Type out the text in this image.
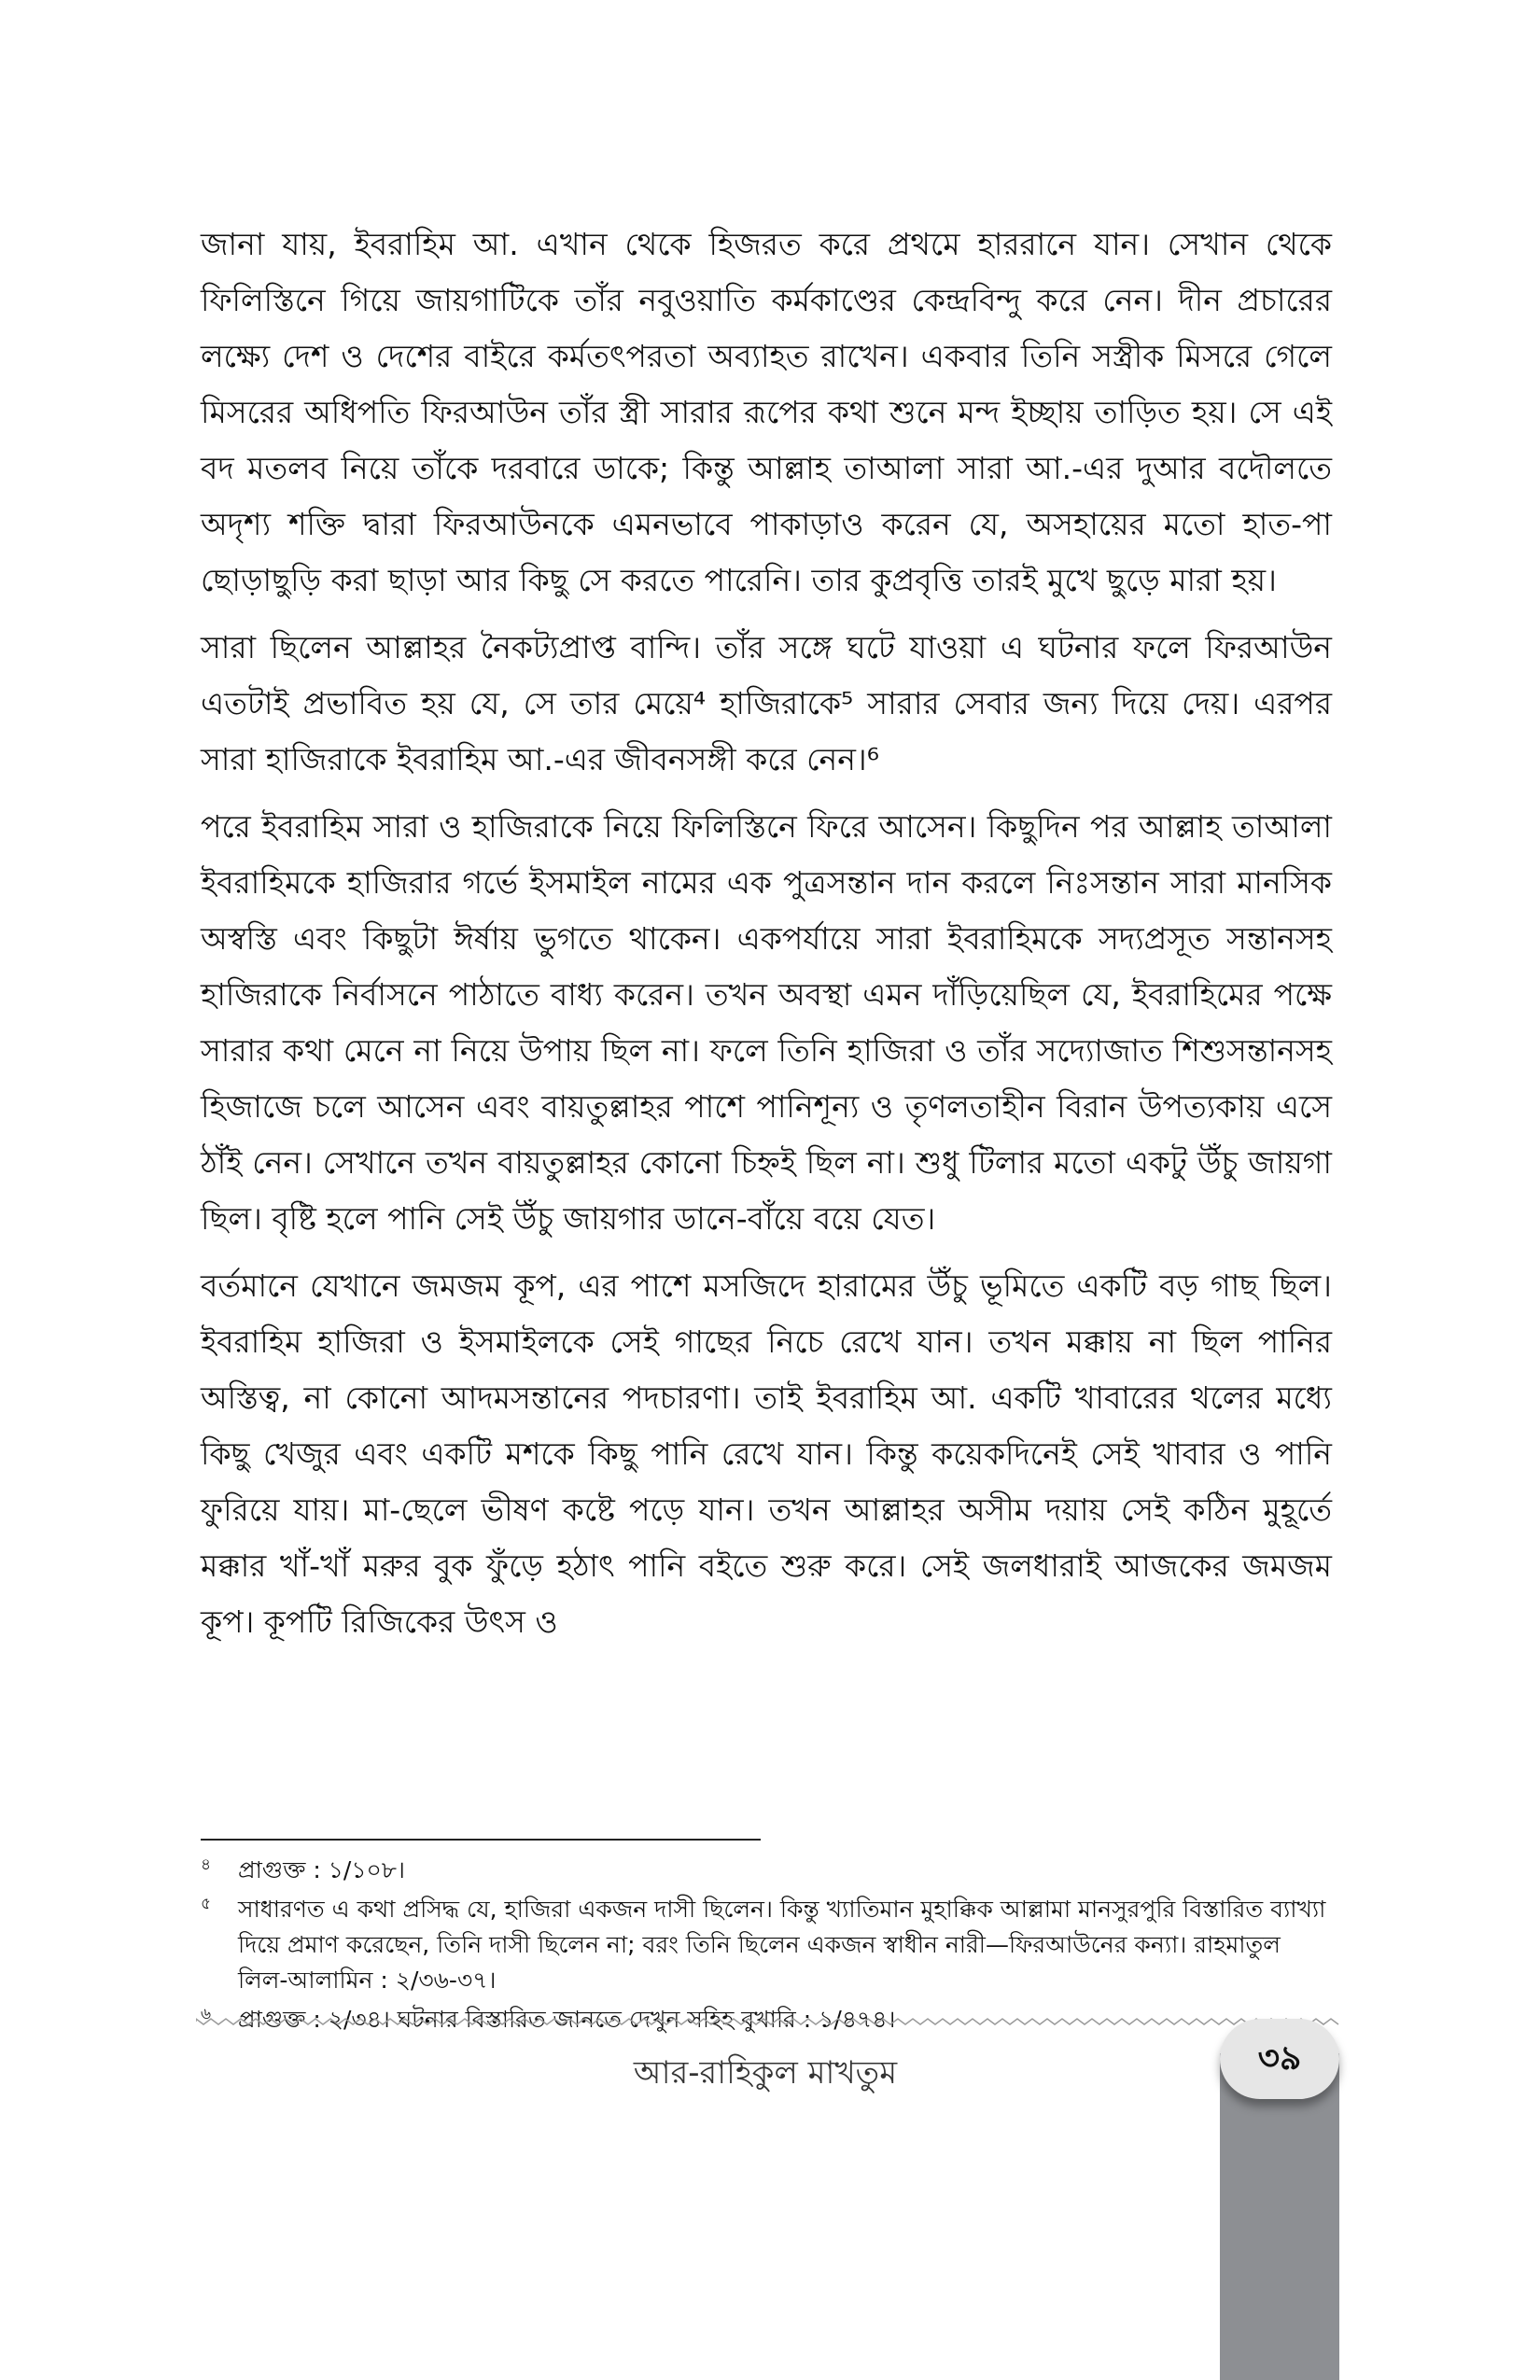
জানা যায়, ইবরাহিম আ. এখান থেকে হিজরত করে প্রথমে হাররানে যান। সেখান থেকে ফিলিস্তিনে গিয়ে জায়গাটিকে তাঁর নবুওয়াতি কর্মকাণ্ডের কেন্দ্রবিন্দু করে নেন। দীন প্রচারের লক্ষ্যে দেশ ও দেশের বাইরে কর্মতৎপরতা অব্যাহত রাখেন। একবার তিনি সস্ত্রীক মিসরে গেলে মিসরের অধিপতি ফিরআউন তাঁর স্ত্রী সারার রূপের কথা শুনে মন্দ ইচ্ছায় তাড়িত হয়। সে এই বদ মতলব নিয়ে তাঁকে দরবারে ডাকে; কিন্তু আল্লাহ তাআলা সারা আ.-এর দুআর বদৌলতে অদৃশ্য শক্তি দ্বারা ফিরআউনকে এমনভাবে পাকাড়াও করেন যে, অসহায়ের মতো হাত-পা ছোড়াছুড়ি করা ছাড়া আর কিছু সে করতে পারেনি। তার কুপ্রবৃত্তি তারই মুখে ছুড়ে মারা হয়।

সারা ছিলেন আল্লাহর নৈকট্যপ্রাপ্ত বান্দি। তাঁর সঙ্গে ঘটে যাওয়া এ ঘটনার ফলে ফিরআউন এতটাই প্রভাবিত হয় যে, সে তার মেয়ে⁴ হাজিরাকে⁵ সারার সেবার জন্য দিয়ে দেয়। এরপর সারা হাজিরাকে ইবরাহিম আ.-এর জীবনসঙ্গী করে নেন।⁶

পরে ইবরাহিম সারা ও হাজিরাকে নিয়ে ফিলিস্তিনে ফিরে আসেন। কিছুদিন পর আল্লাহ তাআলা ইবরাহিমকে হাজিরার গর্ভে ইসমাইল নামের এক পুত্রসন্তান দান করলে নিঃসন্তান সারা মানসিক অস্বস্তি এবং কিছুটা ঈর্ষায় ভুগতে থাকেন। একপর্যায়ে সারা ইবরাহিমকে সদ্যপ্রসূত সন্তানসহ হাজিরাকে নির্বাসনে পাঠাতে বাধ্য করেন। তখন অবস্থা এমন দাঁড়িয়েছিল যে, ইবরাহিমের পক্ষে সারার কথা মেনে না নিয়ে উপায় ছিল না। ফলে তিনি হাজিরা ও তাঁর সদ্যোজাত শিশুসন্তানসহ হিজাজে চলে আসেন এবং বায়তুল্লাহর পাশে পানিশূন্য ও তৃণলতাহীন বিরান উপত্যকায় এসে ঠাঁই নেন। সেখানে তখন বায়তুল্লাহর কোনো চিহ্নই ছিল না। শুধু টিলার মতো একটু উঁচু জায়গা ছিল। বৃষ্টি হলে পানি সেই উঁচু জায়গার ডানে-বাঁয়ে বয়ে যেত।

বর্তমানে যেখানে জমজম কূপ, এর পাশে মসজিদে হারামের উঁচু ভূমিতে একটি বড় গাছ ছিল। ইবরাহিম হাজিরা ও ইসমাইলকে সেই গাছের নিচে রেখে যান। তখন মক্কায় না ছিল পানির অস্তিত্ব, না কোনো আদমসন্তানের পদচারণা। তাই ইবরাহিম আ. একটি খাবারের থলের মধ্যে কিছু খেজুর এবং একটি মশকে কিছু পানি রেখে যান। কিন্তু কয়েকদিনেই সেই খাবার ও পানি ফুরিয়ে যায়। মা-ছেলে ভীষণ কষ্টে পড়ে যান। তখন আল্লাহর অসীম দয়ায় সেই কঠিন মুহূর্তে মক্কার খাঁ-খাঁ মরুর বুক ফুঁড়ে হঠাৎ পানি বইতে শুরু করে। সেই জলধারাই আজকের জমজম কূপ। কূপটি রিজিকের উৎস ও

৪ প্রাগুক্ত : ১/১০৮।
৫ সাধারণত এ কথা প্রসিদ্ধ যে, হাজিরা একজন দাসী ছিলেন। কিন্তু খ্যাতিমান মুহাক্কিক আল্লামা মানসুরপুরি বিস্তারিত ব্যাখ্যা দিয়ে প্রমাণ করেছেন, তিনি দাসী ছিলেন না; বরং তিনি ছিলেন একজন স্বাধীন নারী—ফিরআউনের কন্যা। রাহমাতুল লিল-আলামিন : ২/৩৬-৩৭।
৬ প্রাগুক্ত : ২/৩৪। ঘটনার বিস্তারিত জানতে দেখুন সহিহ বুখারি : ১/৪৭৪।
আর-রাহিকুল মাখতুম	৩৯
